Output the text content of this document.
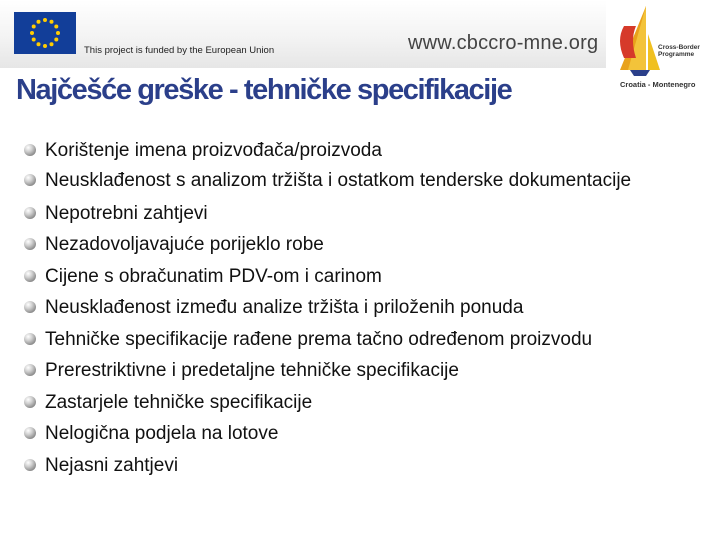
This project is funded by the European Union	www.cbccro-mne.org	Cross-Border
Programme
Croatia - Montenegro
Najčešće greške - tehničke specifikacije
Korištenje imena proizvođača/proizvoda
Neusklađenost s analizom tržišta i ostatkom tenderske dokumentacije
Nepotrebni zahtjevi
Nezadovoljavajuće porijeklo robe
Cijene s obračunatim PDV-om i carinom
Neusklađenost između analize tržišta i priloženih ponuda
Tehničke specifikacije rađene prema tačno određenom proizvodu
Prerestriktivne i predetaljne tehničke specifikacije
Zastarjele tehničke specifikacije
Nelogična podjela na lotove
Nejasni zahtjevi
